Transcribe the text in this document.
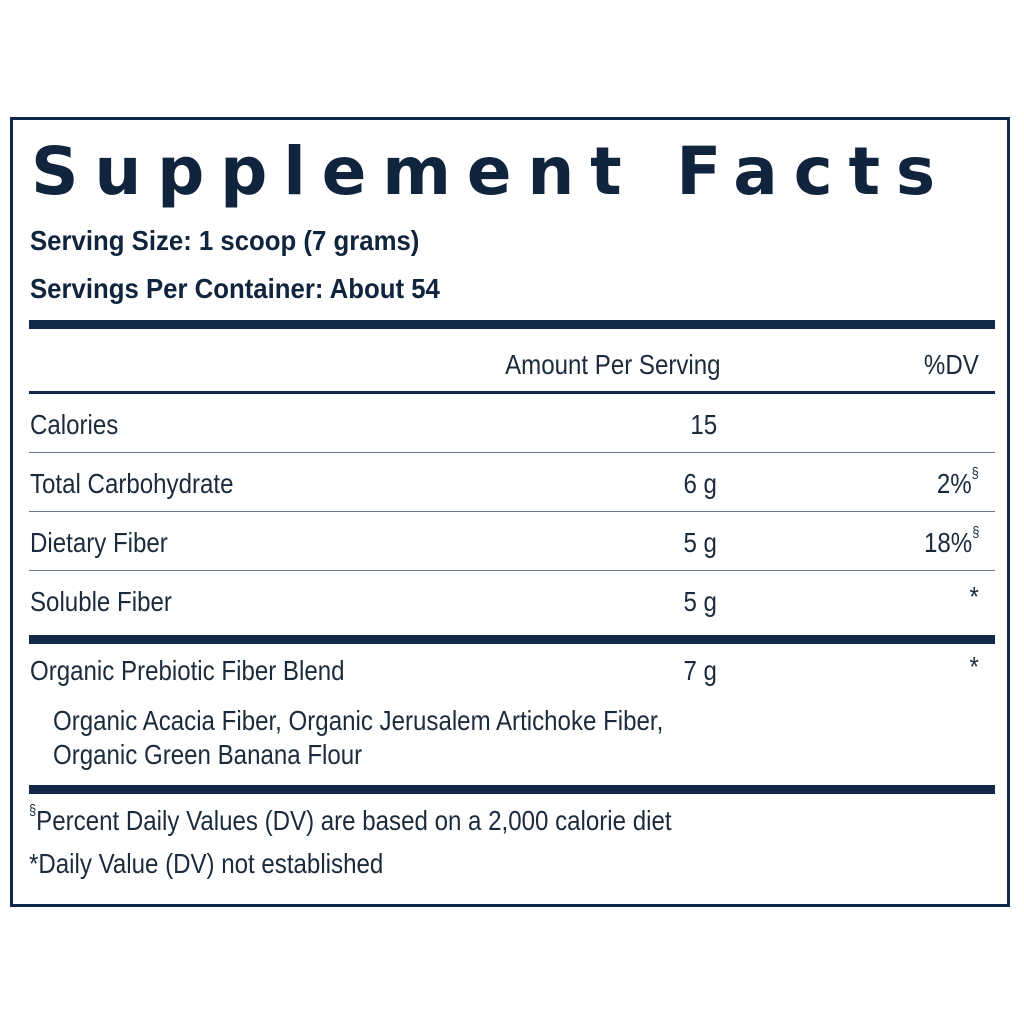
Supplement Facts
Serving Size: 1 scoop (7 grams)
Servings Per Container: About 54
Amount Per Serving	%DV
Calories	15
Total Carbohydrate	6 g	2%§
Dietary Fiber	5 g	18%§
Soluble Fiber	5 g	*
Organic Prebiotic Fiber Blend	7 g	*
Organic Acacia Fiber, Organic Jerusalem Artichoke Fiber,
Organic Green Banana Flour
§Percent Daily Values (DV) are based on a 2,000 calorie diet
*Daily Value (DV) not established
